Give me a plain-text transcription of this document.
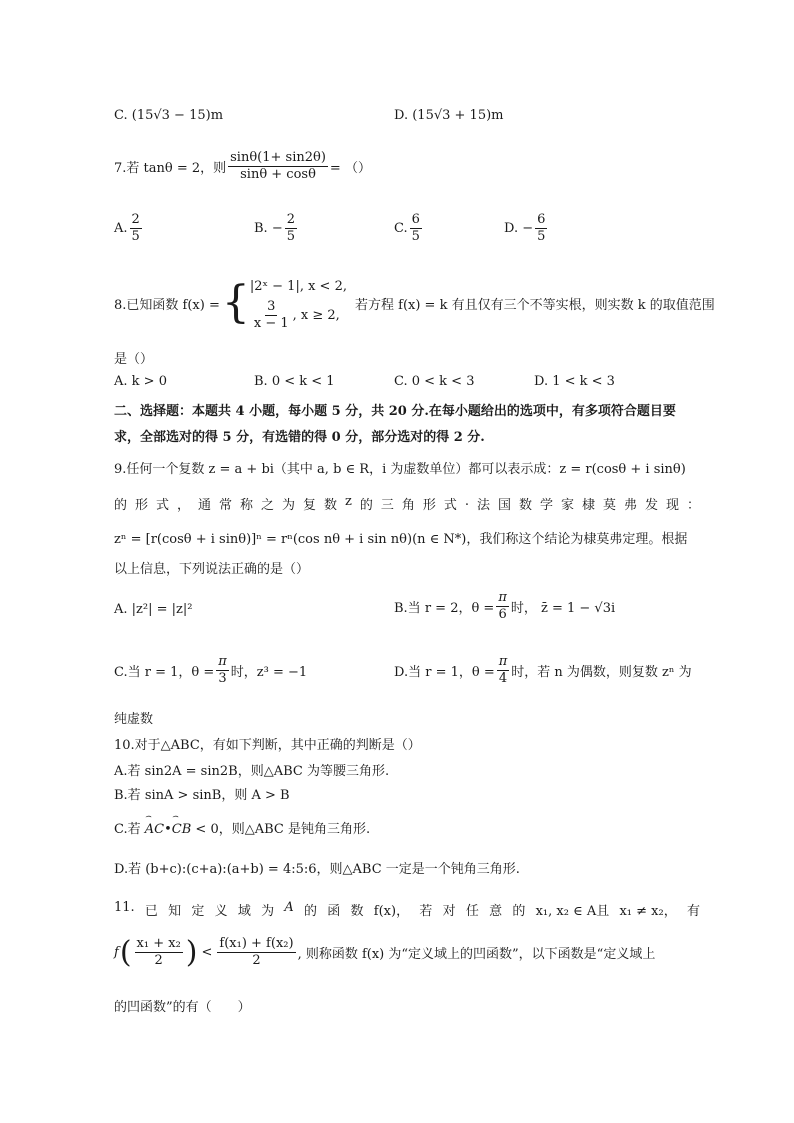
C. (15√3 − 15)m	D. (15√3 + 15)m
7.若 tanθ = 2，则 $\frac{\sin\theta(1+ \sin 2\theta)}{\sin\theta + \cos\theta}$ = （）
A. $\frac{2}{5}$	B. − $\frac{2}{5}$	C. $\frac{6}{5}$	D. − $\frac{6}{5}$
8.已知函数 f(x) = { |2ˣ − 1|, x < 2,
$\frac{3}{x - 1}$ , x ≥ 2,
若方程 f(x) = k 有且仅有三个不等实根，则实数 k 的取值范围
是（）
A. k > 0	B. 0 < k < 1	C. 0 < k < 3	D. 1 < k < 3
二、选择题：本题共 4 小题，每小题 5 分，共 20 分.在每小题给出的选项中，有多项符合题目要
求，全部选对的得 5 分，有选错的得 0 分，部分选对的得 2 分.
9.任何一个复数 z = a + bi（其中 a, b ∈ R，i 为虚数单位）都可以表示成：z = r(cosθ + i sinθ)
的 形 式 ， 通 常 称 之 为 复 数 z 的 三 角 形 式 . 法 国 数 学 家 棣 莫 弗 发 现 ：
zⁿ = [r(cosθ + i sinθ)]ⁿ = rⁿ(cos nθ + i sin nθ)(n ∈ N*)，我们称这个结论为棣莫弗定理。根据
以上信息，下列说法正确的是（）
A. |z²| = |z|²	B.当 r = 2，$\theta = \frac{\pi}{6}$ 时， z̄ = 1 − √3i
C.当 r = 1，$\theta = \frac{\pi}{3}$ 时，z³ = −1	D.当 r = 1，$\theta = \frac{\pi}{4}$ 时，若 n 为偶数，则复数 zⁿ 为
纯虚数
10.对于△ABC，有如下判断，其中正确的判断是（）
A.若 sin2A = sin2B，则△ABC 为等腰三角形.
B.若 sinA > sinB，则 A > B
C.若 ⌢ AC•⌢ CB < 0，则△ABC 是钝角三角形.
D.若 (b+c):(c+a):(a+b) = 4:5:6，则△ABC 一定是一个钝角三角形.
11. 已 知 定 义 域 为 A 的 函 数 f(x)， 若 对 任 意 的 x₁, x₂ ∈ A且 x₁ ≠ x₂， 有
f ( $\frac{\text{x₁ + x₂}}{2}$ ) < $\frac{\text{f(x₁) + f(x₂)}}{2}$ , 则称函数 f(x) 为“定义域上的凹函数”，以下函数是“定义域上
的凹函数”的有（　　）
